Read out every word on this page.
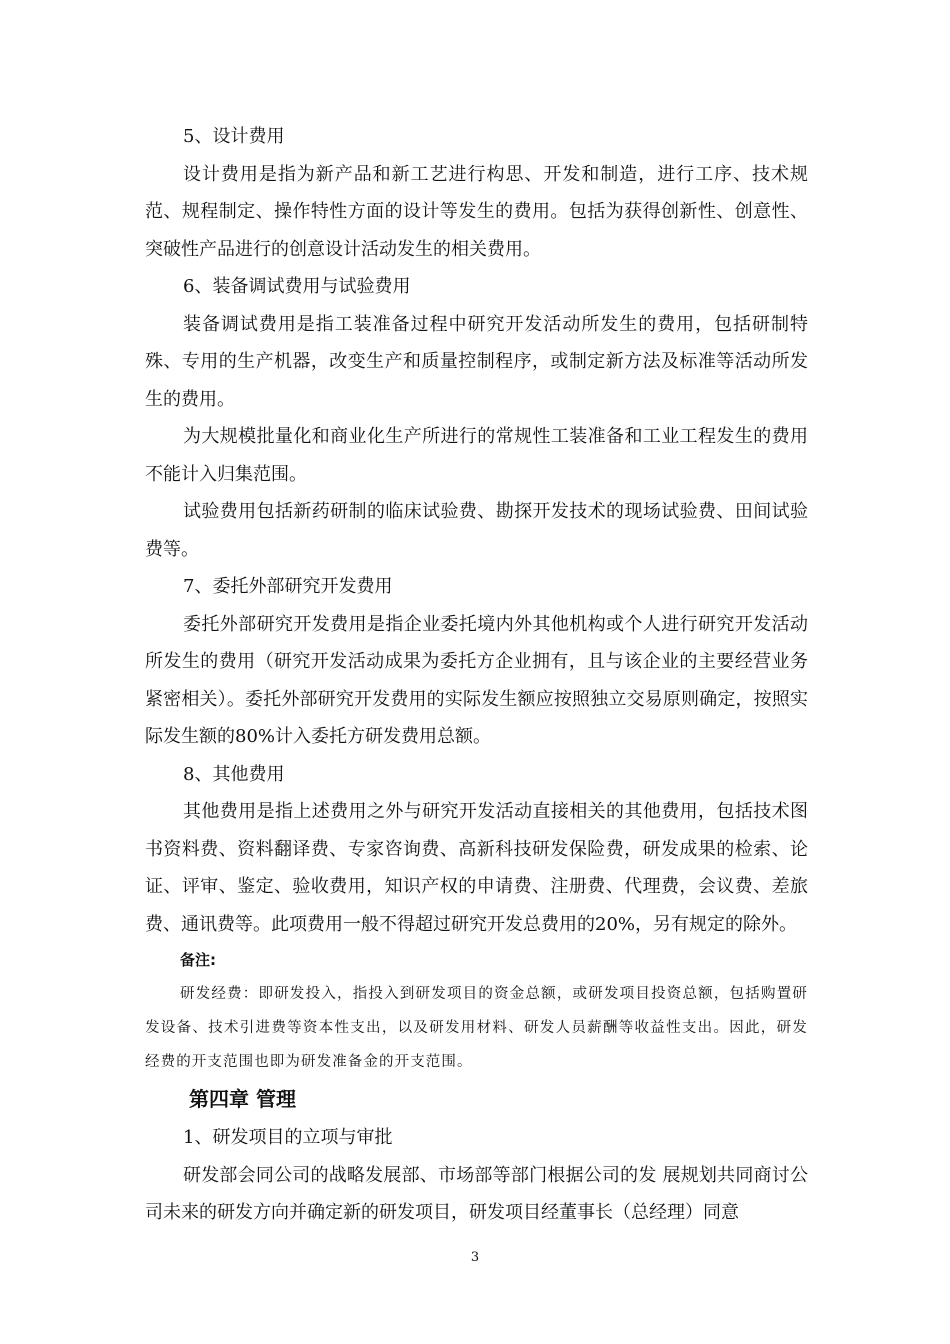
5、设计费用

设计费用是指为新产品和新工艺进行构思、开发和制造，进行工序、技术规范、规程制定、操作特性方面的设计等发生的费用。包括为获得创新性、创意性、突破性产品进行的创意设计活动发生的相关费用。

6、装备调试费用与试验费用

装备调试费用是指工装准备过程中研究开发活动所发生的费用，包括研制特殊、专用的生产机器，改变生产和质量控制程序，或制定新方法及标准等活动所发生的费用。

为大规模批量化和商业化生产所进行的常规性工装准备和工业工程发生的费用不能计入归集范围。

试验费用包括新药研制的临床试验费、勘探开发技术的现场试验费、田间试验费等。

7、委托外部研究开发费用

委托外部研究开发费用是指企业委托境内外其他机构或个人进行研究开发活动所发生的费用（研究开发活动成果为委托方企业拥有，且与该企业的主要经营业务紧密相关）。委托外部研究开发费用的实际发生额应按照独立交易原则确定，按照实际发生额的80%计入委托方研发费用总额。

8、其他费用

其他费用是指上述费用之外与研究开发活动直接相关的其他费用，包括技术图书资料费、资料翻译费、专家咨询费、高新科技研发保险费，研发成果的检索、论证、评审、鉴定、验收费用，知识产权的申请费、注册费、代理费，会议费、差旅费、通讯费等。此项费用一般不得超过研究开发总费用的20%，另有规定的除外。

备注:

研发经费：即研发投入，指投入到研发项目的资金总额，或研发项目投资总额，包括购置研发设备、技术引进费等资本性支出，以及研发用材料、研发人员薪酬等收益性支出。因此，研发经费的开支范围也即为研发准备金的开支范围。

第四章 管理

1、研发项目的立项与审批

研发部会同公司的战略发展部、市场部等部门根据公司的发 展规划共同商讨公司未来的研发方向并确定新的研发项目，研发项目经董事长（总经理）同意

3
